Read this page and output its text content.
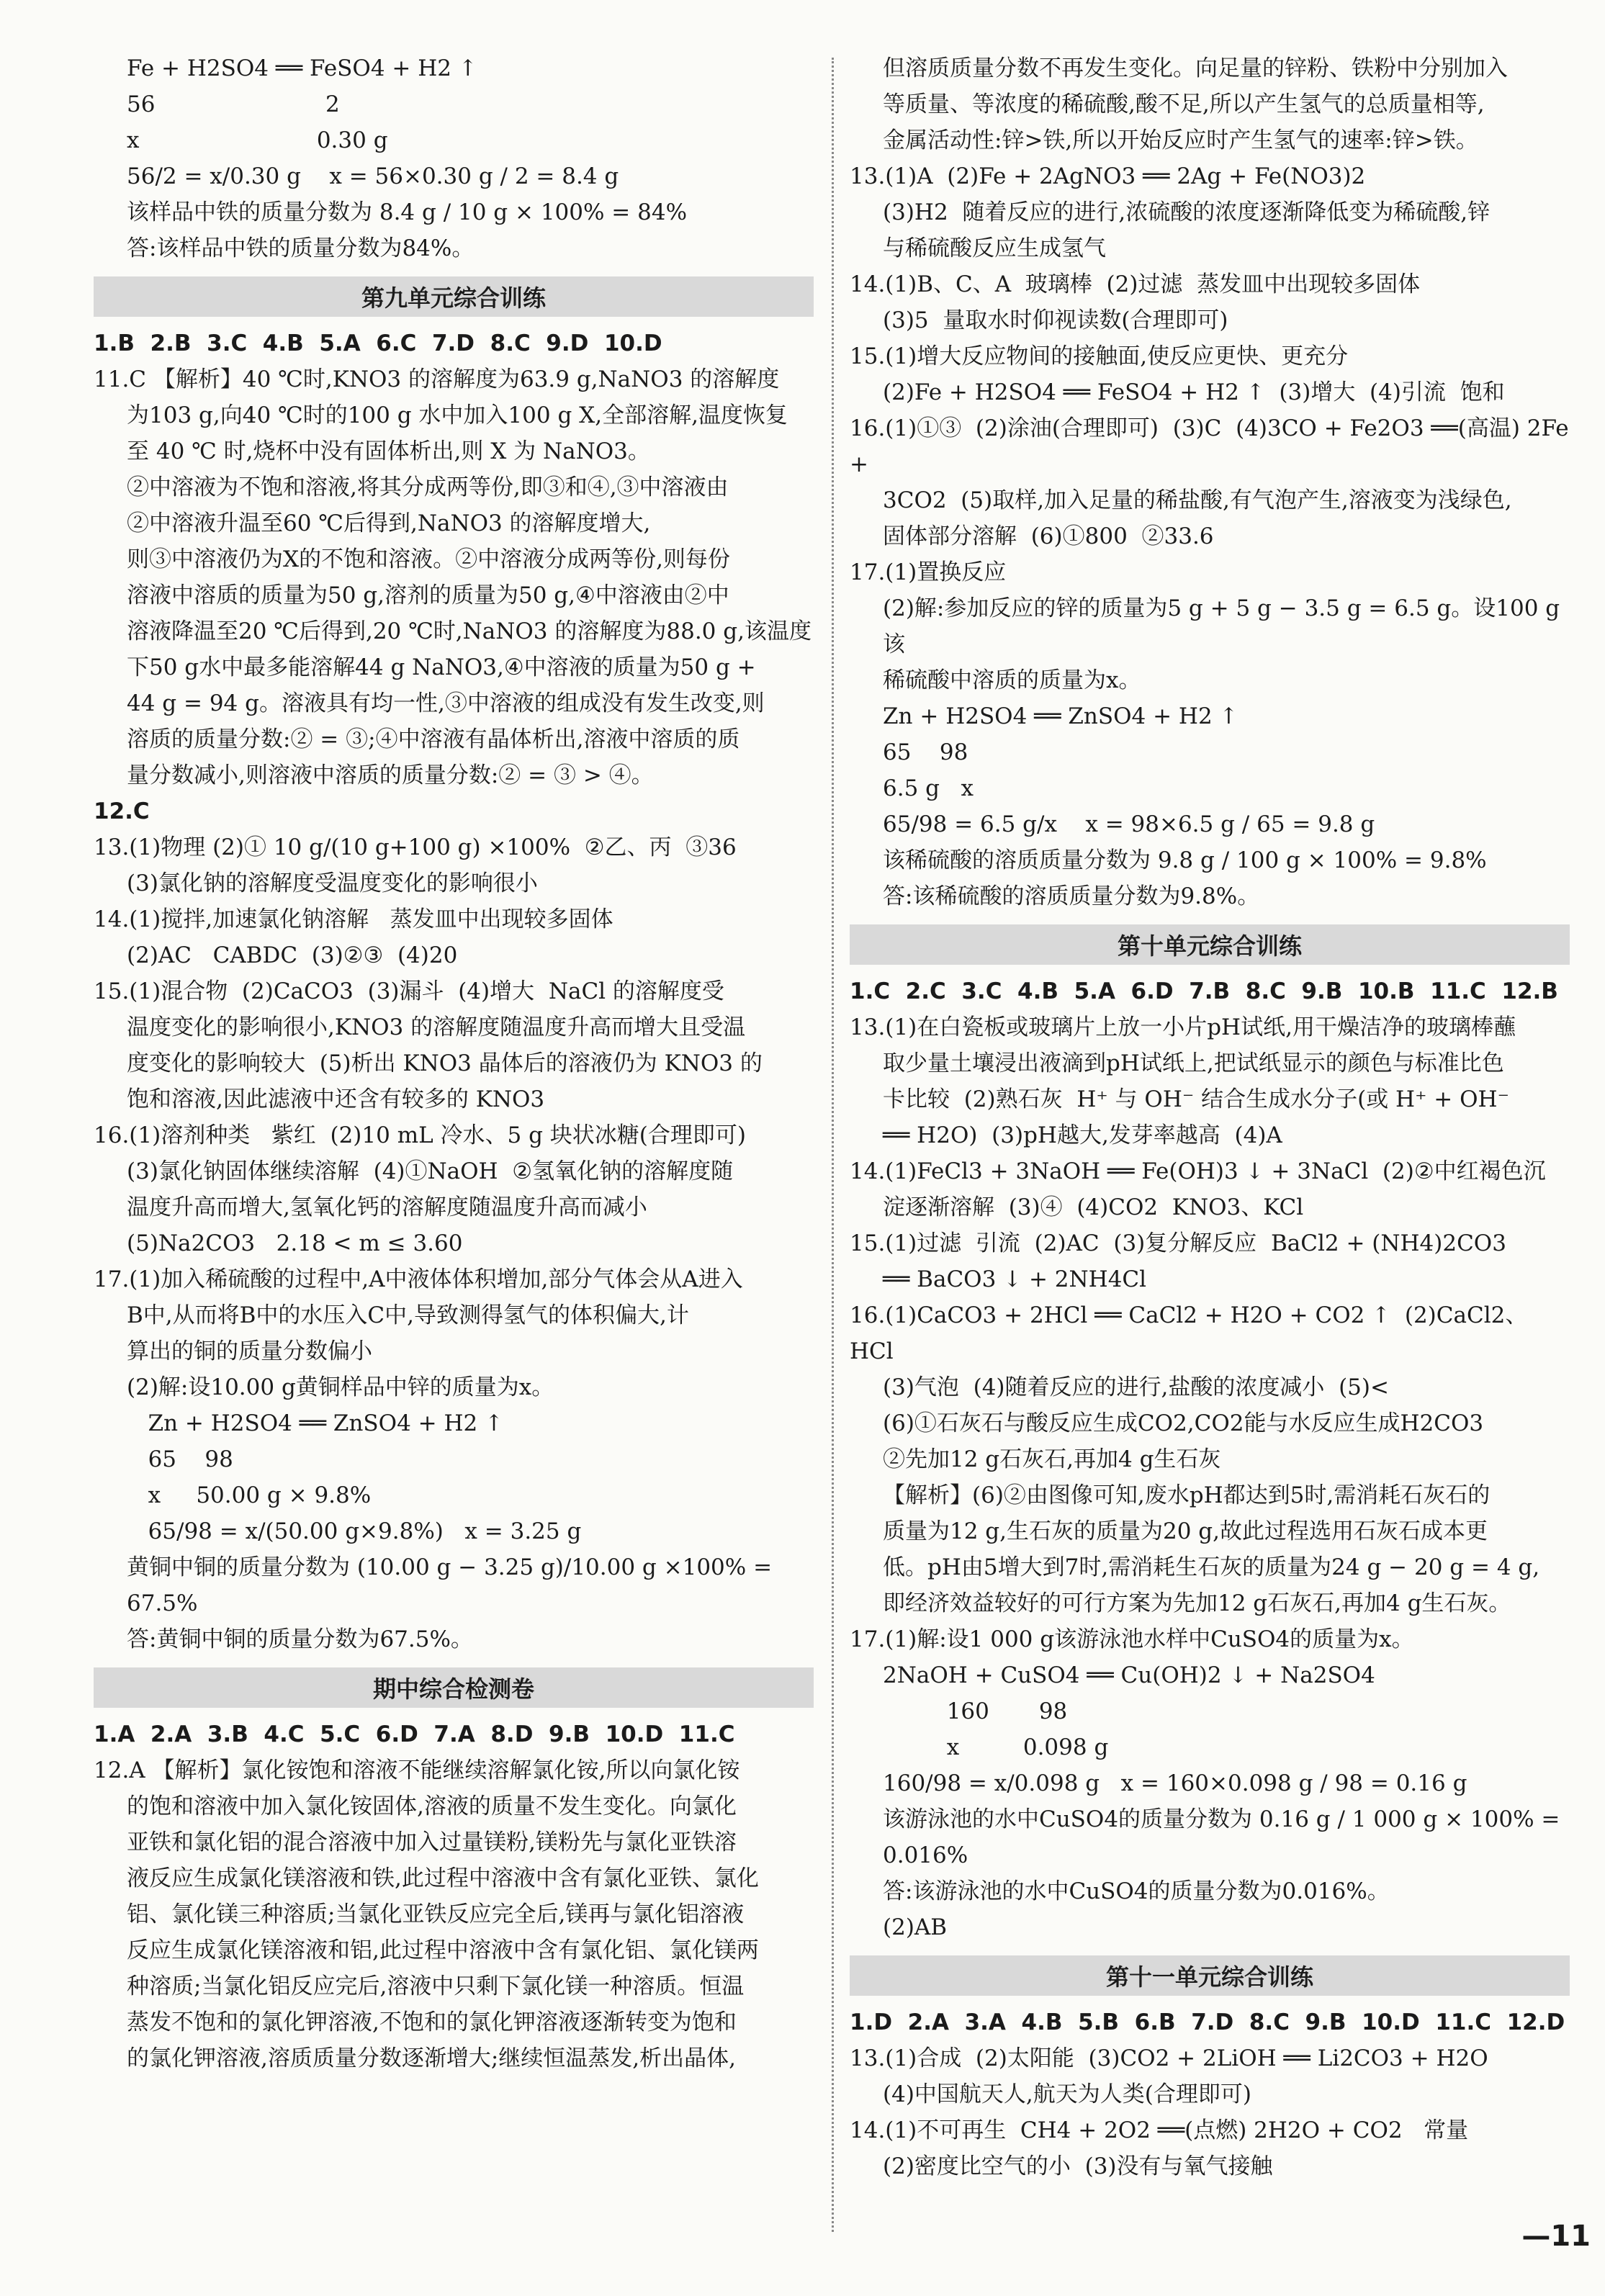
Fe + H2SO4 ══ FeSO4 + H2 ↑
56                        2
x                         0.30 g
56/2 = x/0.30 g    x = 56×0.30 g / 2 = 8.4 g
该样品中铁的质量分数为 8.4 g / 10 g × 100% = 84%
答:该样品中铁的质量分数为84%。
第九单元综合训练
1.B  2.B  3.C  4.B  5.A  6.C  7.D  8.C  9.D  10.D
11.C 【解析】40 ℃时,KNO3 的溶解度为63.9 g,NaNO3 的溶解度
为103 g,向40 ℃时的100 g 水中加入100 g X,全部溶解,温度恢复
至 40 ℃ 时,烧杯中没有固体析出,则 X 为 NaNO3。
②中溶液为不饱和溶液,将其分成两等份,即③和④,③中溶液由
②中溶液升温至60 ℃后得到,NaNO3 的溶解度增大,
则③中溶液仍为X的不饱和溶液。②中溶液分成两等份,则每份
溶液中溶质的质量为50 g,溶剂的质量为50 g,④中溶液由②中
溶液降温至20 ℃后得到,20 ℃时,NaNO3 的溶解度为88.0 g,该温度
下50 g水中最多能溶解44 g NaNO3,④中溶液的质量为50 g +
44 g = 94 g。溶液具有均一性,③中溶液的组成没有发生改变,则
溶质的质量分数:② = ③;④中溶液有晶体析出,溶液中溶质的质
量分数减小,则溶液中溶质的质量分数:② = ③ > ④。
12.C
13.(1)物理 (2)① 10 g/(10 g+100 g) ×100%  ②乙、丙  ③36
(3)氯化钠的溶解度受温度变化的影响很小
14.(1)搅拌,加速氯化钠溶解   蒸发皿中出现较多固体
(2)AC   CABDC  (3)②③  (4)20
15.(1)混合物  (2)CaCO3  (3)漏斗  (4)增大  NaCl 的溶解度受
温度变化的影响很小,KNO3 的溶解度随温度升高而增大且受温
度变化的影响较大  (5)析出 KNO3 晶体后的溶液仍为 KNO3 的
饱和溶液,因此滤液中还含有较多的 KNO3
16.(1)溶剂种类   紫红  (2)10 mL 冷水、5 g 块状冰糖(合理即可)
(3)氯化钠固体继续溶解  (4)①NaOH  ②氢氧化钠的溶解度随
温度升高而增大,氢氧化钙的溶解度随温度升高而减小
(5)Na2CO3   2.18 < m ≤ 3.60
17.(1)加入稀硫酸的过程中,A中液体体积增加,部分气体会从A进入
B中,从而将B中的水压入C中,导致测得氢气的体积偏大,计
算出的铜的质量分数偏小
(2)解:设10.00 g黄铜样品中锌的质量为x。
Zn + H2SO4 ══ ZnSO4 + H2 ↑
65    98
x     50.00 g × 9.8%
65/98 = x/(50.00 g×9.8%)   x = 3.25 g
黄铜中铜的质量分数为 (10.00 g − 3.25 g)/10.00 g ×100% = 67.5%
答:黄铜中铜的质量分数为67.5%。
期中综合检测卷
1.A  2.A  3.B  4.C  5.C  6.D  7.A  8.D  9.B  10.D  11.C
12.A 【解析】氯化铵饱和溶液不能继续溶解氯化铵,所以向氯化铵
的饱和溶液中加入氯化铵固体,溶液的质量不发生变化。向氯化
亚铁和氯化铝的混合溶液中加入过量镁粉,镁粉先与氯化亚铁溶
液反应生成氯化镁溶液和铁,此过程中溶液中含有氯化亚铁、氯化
铝、氯化镁三种溶质;当氯化亚铁反应完全后,镁再与氯化铝溶液
反应生成氯化镁溶液和铝,此过程中溶液中含有氯化铝、氯化镁两
种溶质;当氯化铝反应完后,溶液中只剩下氯化镁一种溶质。恒温
蒸发不饱和的氯化钾溶液,不饱和的氯化钾溶液逐渐转变为饱和
的氯化钾溶液,溶质质量分数逐渐增大;继续恒温蒸发,析出晶体,
但溶质质量分数不再发生变化。向足量的锌粉、铁粉中分别加入
等质量、等浓度的稀硫酸,酸不足,所以产生氢气的总质量相等,
金属活动性:锌>铁,所以开始反应时产生氢气的速率:锌>铁。
13.(1)A  (2)Fe + 2AgNO3 ══ 2Ag + Fe(NO3)2
(3)H2  随着反应的进行,浓硫酸的浓度逐渐降低变为稀硫酸,锌
与稀硫酸反应生成氢气
14.(1)B、C、A  玻璃棒  (2)过滤  蒸发皿中出现较多固体
(3)5  量取水时仰视读数(合理即可)
15.(1)增大反应物间的接触面,使反应更快、更充分
(2)Fe + H2SO4 ══ FeSO4 + H2 ↑  (3)增大  (4)引流  饱和
16.(1)①③  (2)涂油(合理即可)  (3)C  (4)3CO + Fe2O3 ══(高温) 2Fe +
3CO2  (5)取样,加入足量的稀盐酸,有气泡产生,溶液变为浅绿色,
固体部分溶解  (6)①800  ②33.6
17.(1)置换反应
(2)解:参加反应的锌的质量为5 g + 5 g − 3.5 g = 6.5 g。设100 g该
稀硫酸中溶质的质量为x。
Zn + H2SO4 ══ ZnSO4 + H2 ↑
65    98
6.5 g   x
65/98 = 6.5 g/x    x = 98×6.5 g / 65 = 9.8 g
该稀硫酸的溶质质量分数为 9.8 g / 100 g × 100% = 9.8%
答:该稀硫酸的溶质质量分数为9.8%。
第十单元综合训练
1.C  2.C  3.C  4.B  5.A  6.D  7.B  8.C  9.B  10.B  11.C  12.B
13.(1)在白瓷板或玻璃片上放一小片pH试纸,用干燥洁净的玻璃棒蘸
取少量土壤浸出液滴到pH试纸上,把试纸显示的颜色与标准比色
卡比较  (2)熟石灰  H⁺ 与 OH⁻ 结合生成水分子(或 H⁺ + OH⁻
══ H2O)  (3)pH越大,发芽率越高  (4)A
14.(1)FeCl3 + 3NaOH ══ Fe(OH)3 ↓ + 3NaCl  (2)②中红褐色沉
淀逐渐溶解  (3)④  (4)CO2  KNO3、KCl
15.(1)过滤  引流  (2)AC  (3)复分解反应  BaCl2 + (NH4)2CO3
══ BaCO3 ↓ + 2NH4Cl
16.(1)CaCO3 + 2HCl ══ CaCl2 + H2O + CO2 ↑  (2)CaCl2、HCl
(3)气泡  (4)随着反应的进行,盐酸的浓度减小  (5)<
(6)①石灰石与酸反应生成CO2,CO2能与水反应生成H2CO3
②先加12 g石灰石,再加4 g生石灰
【解析】(6)②由图像可知,废水pH都达到5时,需消耗石灰石的
质量为12 g,生石灰的质量为20 g,故此过程选用石灰石成本更
低。pH由5增大到7时,需消耗生石灰的质量为24 g − 20 g = 4 g,
即经济效益较好的可行方案为先加12 g石灰石,再加4 g生石灰。
17.(1)解:设1 000 g该游泳池水样中CuSO4的质量为x。
2NaOH + CuSO4 ══ Cu(OH)2 ↓ + Na2SO4
160       98
x         0.098 g
160/98 = x/0.098 g   x = 160×0.098 g / 98 = 0.16 g
该游泳池的水中CuSO4的质量分数为 0.16 g / 1 000 g × 100% = 0.016%
答:该游泳池的水中CuSO4的质量分数为0.016%。
(2)AB
第十一单元综合训练
1.D  2.A  3.A  4.B  5.B  6.B  7.D  8.C  9.B  10.D  11.C  12.D
13.(1)合成  (2)太阳能  (3)CO2 + 2LiOH ══ Li2CO3 + H2O
(4)中国航天人,航天为人类(合理即可)
14.(1)不可再生  CH4 + 2O2 ══(点燃) 2H2O + CO2   常量
(2)密度比空气的小  (3)没有与氧气接触
—11
